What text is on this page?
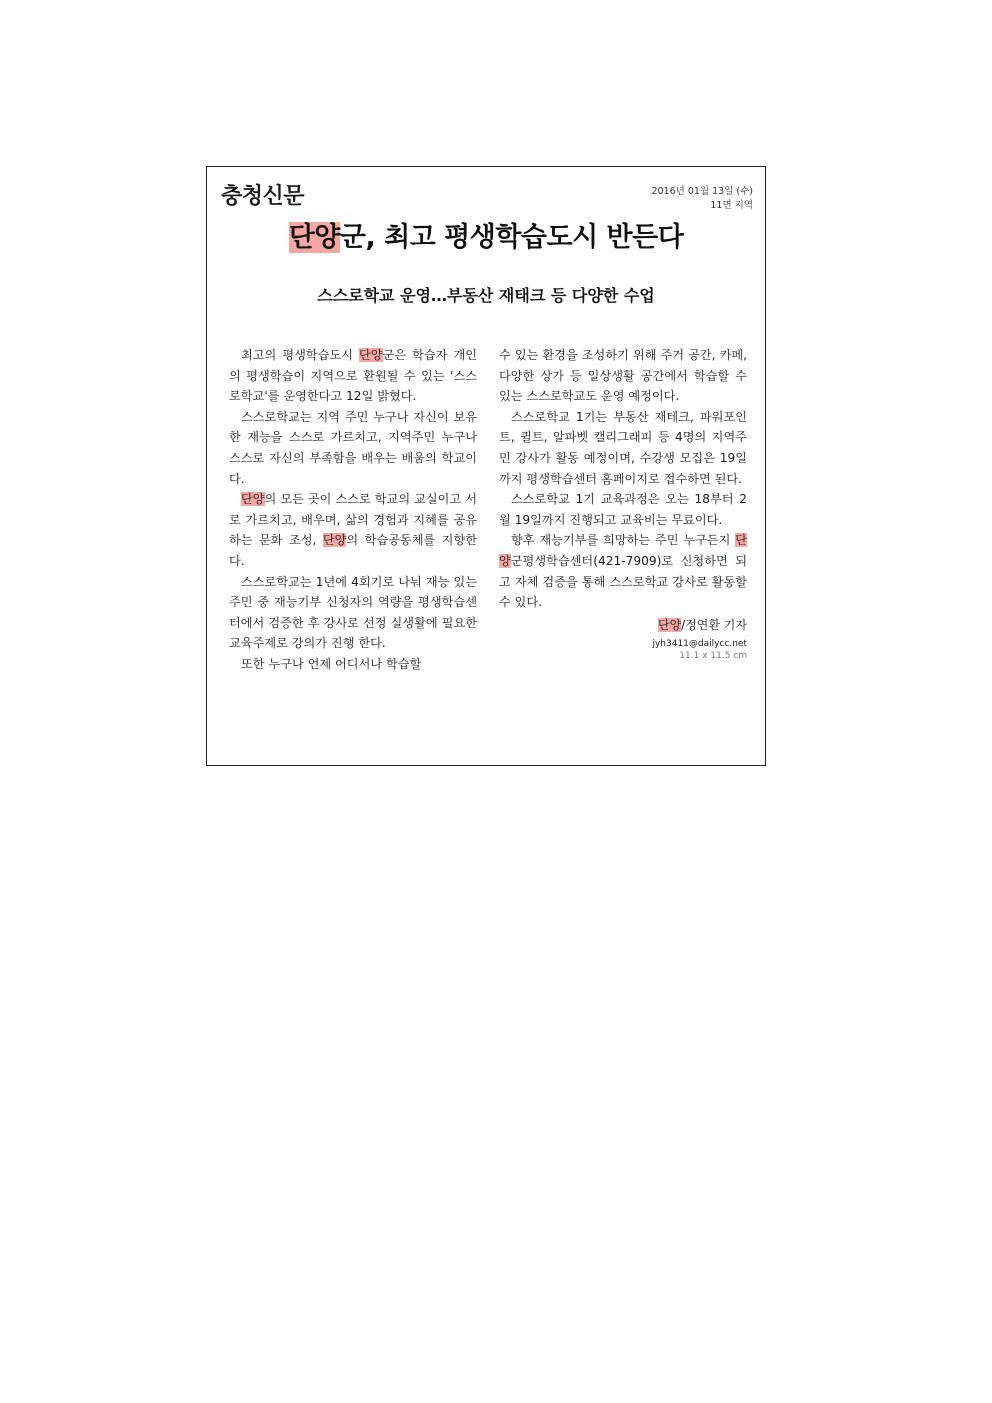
충청신문	2016년 01월 13일 (수)
11면 지역
단양군, 최고 평생학습도시 반든다
스스로학교 운영…부동산 재태크 등 다양한 수업

최고의 평생학습도시 단양군은 학습자 개인의 평생학습이 지역으로 환원될 수 있는 '스스로학교'를 운영한다고 12일 밝혔다.

스스로학교는 지역 주민 누구나 자신이 보유한 재능을 스스로 가르치고, 지역주민 누구나 스스로 자신의 부족함을 배우는 배움의 학교이다.

단양의 모든 곳이 스스로 학교의 교실이고 서로 가르치고, 배우며, 삶의 경험과 지혜를 공유하는 문화 조성, 단양의 학습공동체를 지향한다.

스스로학교는 1년에 4회기로 나눠 재능 있는 주민 중 재능기부 신청자의 역량을 평생학습센터에서 검증한 후 강사로 선정 실생활에 필요한 교육주제로 강의가 진행 한다.

또한 누구나 언제 어디서나 학습할

수 있는 환경을 조성하기 위해 주거 공간, 카페, 다양한 상가 등 일상생활 공간에서 학습할 수 있는 스스로학교도 운영 예정이다.

스스로학교 1기는 부동산 재테크, 파워포인트, 퀼트, 알파벳 캘리그래피 등 4명의 지역주민 강사가 활동 예정이며, 수강생 모집은 19일까지 평생학습센터 홈페이지로 접수하면 된다.

스스로학교 1기 교육과정은 오는 18부터 2월 19일까지 진행되고 교육비는 무료이다.

향후 재능기부를 희망하는 주민 누구든지 단양군평생학습센터(421-7909)로 신청하면 되고 자체 검증을 통해 스스로학교 강사로 활동할 수 있다.

단양/정연환 기자
jyh3411@dailycc.net
11.1 x 11.5 cm
